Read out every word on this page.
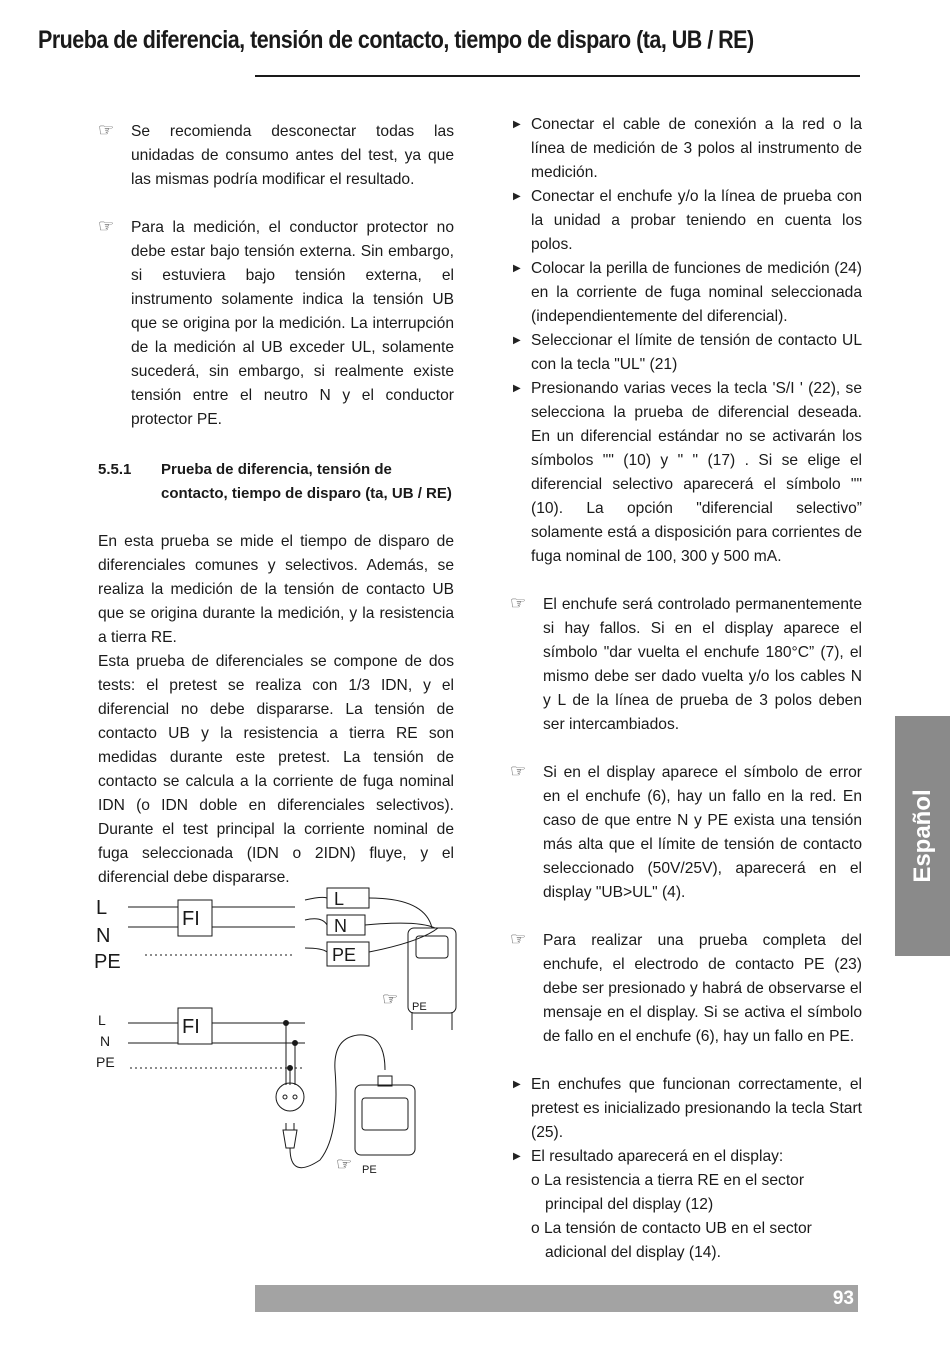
Prueba de diferencia, tensión de contacto, tiempo de disparo (ta, UB / RE)
☞ Se recomienda desconectar todas las unidadas de consumo antes del test, ya que las mismas podría modificar el resultado.
☞ Para la medición, el conductor protector no debe estar bajo tensión externa. Sin embargo, si estuviera bajo tensión externa, el instrumento solamente indica la tensión UB que se origina por la medición. La interrupción de la medición al UB exceder UL, solamente sucederá, sin embargo, si realmente existe tensión entre el neutro N y el conductor protector PE.
5.5.1 Prueba de diferencia, tensión de contacto, tiempo de disparo (ta, UB / RE)
En esta prueba se mide el tiempo de disparo de diferenciales comunes y selectivos. Además, se realiza la medición de la tensión de contacto UB que se origina durante la medición, y la resistencia a tierra RE.
Esta prueba de diferenciales se compone de dos tests: el pretest se realiza con 1/3 IDN, y el diferencial no debe dispararse. La tensión de contacto UB y la resistencia a tierra RE son medidas durante este pretest. La tensión de contacto se calcula a la corriente de fuga nominal IDN (o IDN doble en diferenciales selectivos). Durante el test principal la corriente nominal de fuga seleccionada (IDN o 2IDN) fluye, y el diferencial debe dispararse.
L
N
PE
FI
L
N
PE
☞ PE
L
N
PE
FI
☞ PE
▶ Conectar el cable de conexión a la red o la línea de medición de 3 polos al instrumento de medición.
▶ Conectar el enchufe y/o la línea de prueba con la unidad a probar teniendo en cuenta los polos.
▶ Colocar la perilla de funciones de medición (24) en la corriente de fuga nominal seleccionada (independientemente del diferencial).
▶ Seleccionar el límite de tensión de contacto UL con la tecla "UL" (21)
▶ Presionando varias veces la tecla 'S/I ' (22), se selecciona la prueba de diferencial deseada. En un diferencial estándar no se activarán los símbolos "" (10) y " " (17) . Si se elige el diferencial selectivo aparecerá el símbolo "" (10). La opción "diferencial selectivo” solamente está a disposición para corrientes de fuga nominal de 100, 300 y 500 mA.
☞ El enchufe será controlado permanentemente si hay fallos. Si en el display aparece el símbolo "dar vuelta el enchufe 180°C” (7), el mismo debe ser dado vuelta y/o los cables N y L de la línea de prueba de 3 polos deben ser intercambiados.
☞ Si en el display aparece el símbolo de error en el enchufe (6), hay un fallo en la red. En caso de que entre N y PE exista una tensión más alta que el límite de tensión de contacto seleccionado (50V/25V), aparecerá en el display "UB>UL" (4).
☞ Para realizar una prueba completa del enchufe, el electrodo de contacto PE (23) debe ser presionado y habrá de observarse el mensaje en el display. Si se activa el símbolo de fallo en el enchufe (6), hay un fallo en PE.
▶ En enchufes que funcionan correctamente, el pretest es inicializado presionando la tecla Start (25).
▶ El resultado aparecerá en el display:
o La resistencia a tierra RE en el sector principal del display (12)
o La tensión de contacto UB en el sector adicional del display (14).
Español
93
